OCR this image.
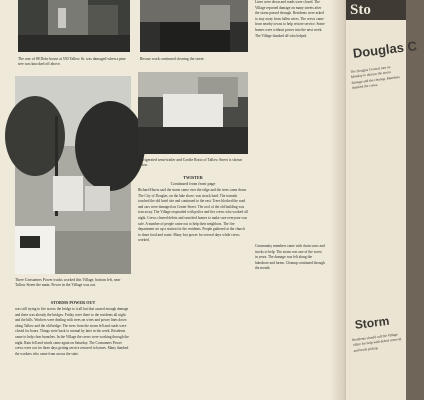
The rear of 88 Dohr house at 550 Tallow St. was damaged when a pine tree was knocked off above.
Rescue work continued clearing the street.
Refrigerated semi-trailer and Cordie Rotto of Tallow Street is shown below.
TWISTER
Continued from front page
Richard Harris said the storm came over the ridge and the trees came down. The City of Douglas, on the lake shore, was struck hard. The tornado touched the old hotel site and continued to the east. Trees blocked the road and cars were damaged on Center Street. The roof of the old building was torn away. The Village responded with police and fire crews who worked all night. Crews cleared debris and searched homes to make sure everyone was safe. A number of people came out to help their neighbors. The fire department set up a station for the residents. People gathered at the church to share food and water. Many lost power for several days while crews worked.
Three Consumers Power trucks worked this Village, bottom left, near Tallow Street the main. Power in the Village was out.
STORMS POWER OUT
was still trying to fire across the bridge to it all but that caused enough damage and there was already the bridges. Friday were there to the residents all night and the hills. Workers were dealing with trees on wires and power lines down along Tallow and the old bridge. The trees from the storm fell and roads were closed for hours. Things were back to normal by later in the week. Residents came to help clear branches. In the Village the crews were working through the night. Rain fell and winds came again on Saturday. The Consumers Power crews were out for three days getting service restored to homes. Many thanked the workers who came from across the state.
Lines were down and roads were closed. The Village reported damage on many streets after the storm passed through. Residents were asked to stay away from fallen wires. The crews came from nearby towns to help restore service. Some homes were without power into the next week. The Village thanked all who helped.
Community members came with chain saws and trucks to help. The storm was one of the worst in years. The damage was felt along the lakeshore and farms. Cleanup continued through the month.
Sto
Douglas C
The Douglas Council met on Monday to discuss the storm damage and the cleanup. Members thanked the crews.
Storm
Residents should call the Village office for help with debris removal and brush pickup.
